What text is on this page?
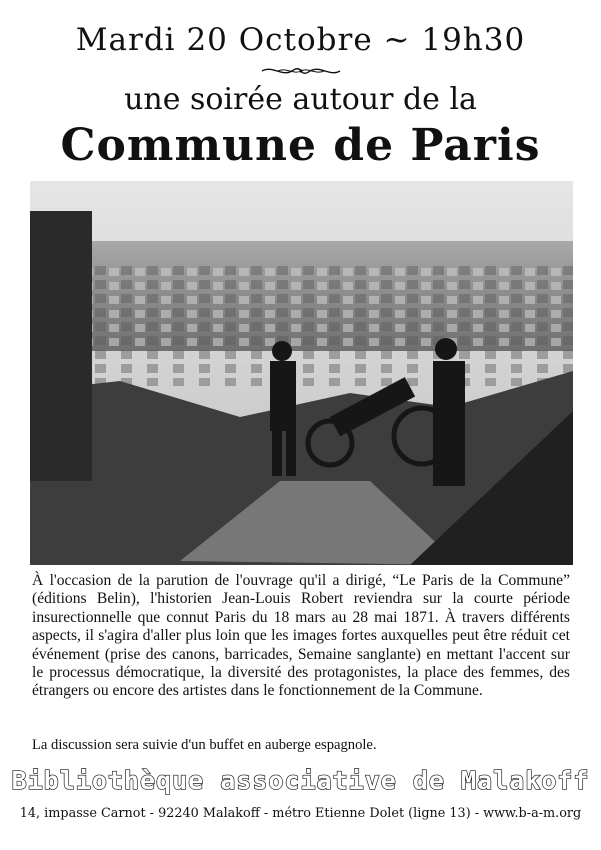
Mardi 20 Octobre ~ 19h30
une soirée autour de la
Commune de Paris

À l'occasion de la parution de l'ouvrage qu'il a dirigé, “Le Paris de la Commune” (éditions Belin), l'historien Jean-Louis Robert reviendra sur la courte période insurectionnelle que connut Paris du 18 mars au 28 mai 1871. À travers différents aspects, il s'agira d'aller plus loin que les images fortes auxquelles peut être réduit cet événement (prise des canons, barricades, Semaine sanglante) en mettant l'accent sur le processus démocratique, la diversité des protagonistes, la place des femmes, des étrangers ou encore des artistes dans le fonctionnement de la Commune.

La discussion sera suivie d'un buffet en auberge espagnole.

Bibliothèque associative de Malakoff
14, impasse Carnot - 92240 Malakoff - métro Etienne Dolet (ligne 13) - www.b-a-m.org
